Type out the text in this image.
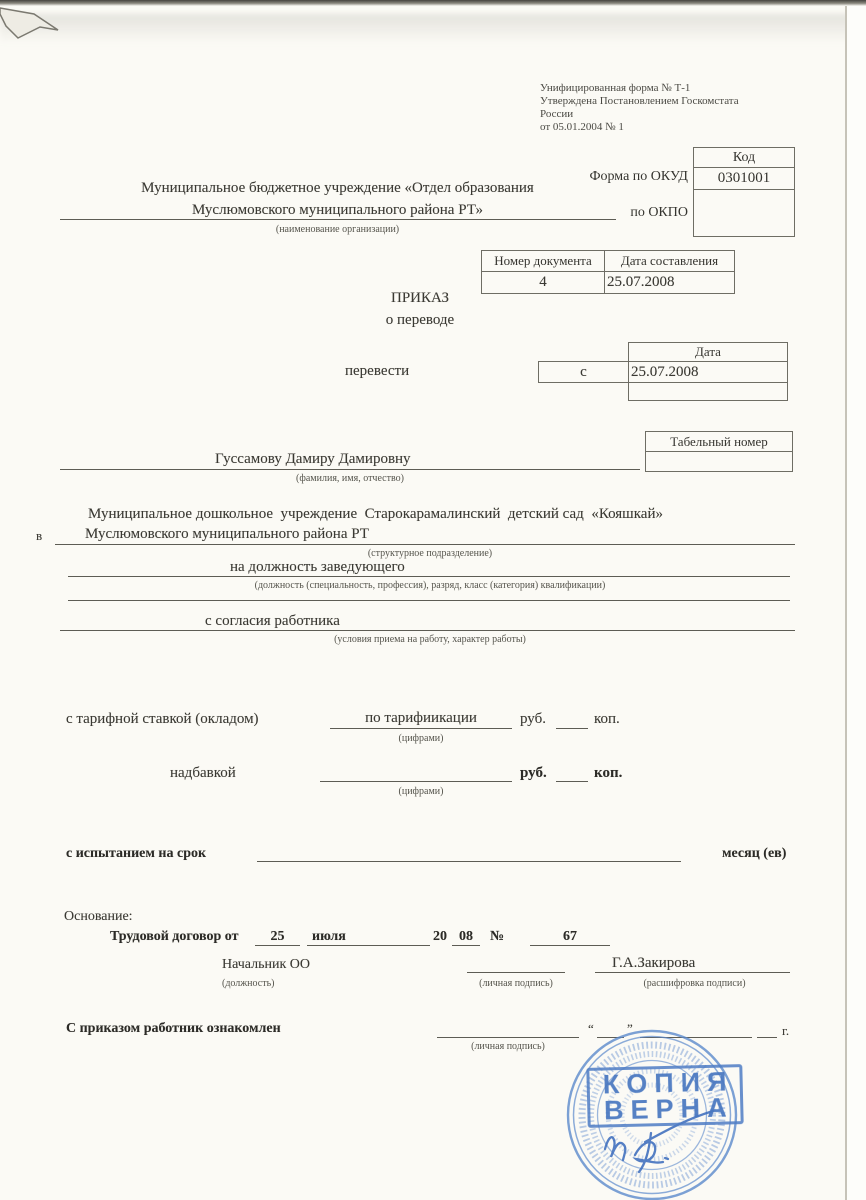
Унифицированная форма № Т-1
Утверждена Постановлением Госкомстата
России
от 05.01.2004 № 1
Код
0301001
Форма по ОКУД
по ОКПО
Муниципальное бюджетное учреждение «Отдел образования
Муслюмовского муниципального района РТ»
(наименование организации)
Номер документа	Дата составления
4	25.07.2008
ПРИКАЗ
о переводе
перевести
Дата
с	25.07.2008
Табельный номер
Гуссамову Дамиру Дамировну
(фамилия, имя, отчество)
Муниципальное дошкольное  учреждение  Старокарамалинский  детский сад  «Кояшкай»
в	Муслюмовского муниципального района РТ
(структурное подразделение)
на должность заведующего
(должность (специальность, профессия), разряд, класс (категория) квалификации)
с согласия работника
(условия приема на работу, характер работы)
с тарифной ставкой (окладом)	по тарифиикации	руб.	коп.
(цифрами)
надбавкой	руб.	коп.
(цифрами)
с испытанием на срок	месяц (ев)
Основание:
Трудовой договор от	25	июля	20 08	№	67
Начальник ОО
(должность)	(личная подпись)
Г.А.Закирова
(расшифровка подписи)
С приказом работник ознакомлен
(личная подпись)
“	”	г.
КОПИЯ
ВЕРНА
